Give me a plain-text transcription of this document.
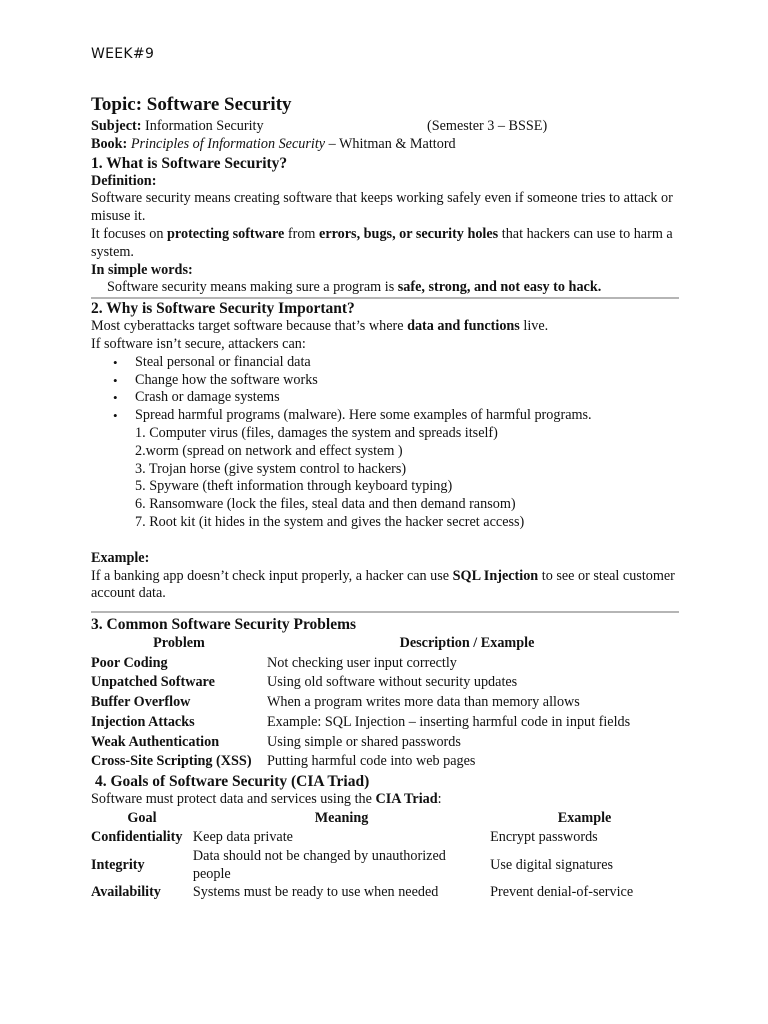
WEEK#9
Topic: Software Security
Subject: Information Security	(Semester 3 – BSSE)
Book: Principles of Information Security – Whitman & Mattord
1. What is Software Security?
Definition:
Software security means creating software that keeps working safely even if someone tries to attack or misuse it.
It focuses on protecting software from errors, bugs, or security holes that hackers can use to harm a system.
In simple words:
Software security means making sure a program is safe, strong, and not easy to hack.
2. Why is Software Security Important?
Most cyberattacks target software because that’s where data and functions live.
If software isn’t secure, attackers can:
• Steal personal or financial data
• Change how the software works
• Crash or damage systems
• Spread harmful programs (malware). Here some examples of harmful programs.
1. Computer virus (files, damages the system and spreads itself)
2.worm (spread on network and effect system )
3. Trojan horse (give system control to hackers)
5. Spyware (theft information through keyboard typing)
6. Ransomware (lock the files, steal data and then demand ransom)
7. Root kit (it hides in the system and gives the hacker secret access)
Example:
If a banking app doesn’t check input properly, a hacker can use SQL Injection to see or steal customer account data.
3. Common Software Security Problems
Problem	Description / Example
Poor Coding	Not checking user input correctly
Unpatched Software	Using old software without security updates
Buffer Overflow	When a program writes more data than memory allows
Injection Attacks	Example: SQL Injection – inserting harmful code in input fields
Weak Authentication	Using simple or shared passwords
Cross-Site Scripting (XSS)	Putting harmful code into web pages
4. Goals of Software Security (CIA Triad)
Software must protect data and services using the CIA Triad:
Goal	Meaning	Example
Confidentiality	Keep data private	Encrypt passwords
Integrity	Data should not be changed by unauthorized people	Use digital signatures
Availability	Systems must be ready to use when needed	Prevent denial-of-service
